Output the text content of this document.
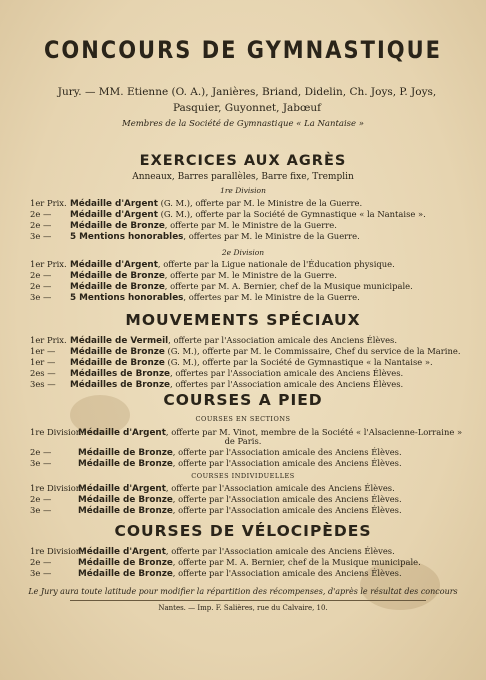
CONCOURS DE GYMNASTIQUE
Jury. — MM. Etienne (O. A.), Janières, Briand, Didelin, Ch. Joys, P. Joys,
Pasquier, Guyonnet, Jabœuf
Membres de la Société de Gymnastique « La Nantaise »
EXERCICES AUX AGRÈS
Anneaux, Barres parallèles, Barre fixe, Tremplin
1re Division
1er Prix. Médaille d'Argent (G. M.), offerte par M. le Ministre de la Guerre.
2e — Médaille d'Argent (G. M.), offerte par la Société de Gymnastique « la Nantaise ».
2e — Médaille de Bronze, offerte par M. le Ministre de la Guerre.
3e — 5 Mentions honorables, offertes par M. le Ministre de la Guerre.
2e Division
1er Prix. Médaille d'Argent, offerte par la Ligue nationale de l'Éducation physique.
2e — Médaille de Bronze, offerte par M. le Ministre de la Guerre.
2e — Médaille de Bronze, offerte par M. A. Bernier, chef de la Musique municipale.
3e — 5 Mentions honorables, offertes par M. le Ministre de la Guerre.
MOUVEMENTS SPÉCIAUX
1er Prix. Médaille de Vermeil, offerte par l'Association amicale des Anciens Élèves.
1er — Médaille de Bronze (G. M.), offerte par M. le Commissaire, Chef du service de la Marine.
1er — Médaille de Bronze (G. M.), offerte par la Société de Gymnastique « la Nantaise ».
2es — Médailles de Bronze, offertes par l'Association amicale des Anciens Élèves.
3es — Médailles de Bronze, offertes par l'Association amicale des Anciens Élèves.
COURSES A PIED
COURSES EN SECTIONS
1re Division.Médaille d'Argent, offerte par M. Vinot, membre de la Société « l'Alsacienne-Lorraine »
de Paris.
2e —	Médaille de Bronze, offerte par l'Association amicale des Anciens Élèves.
3e —	Médaille de Bronze, offerte par l'Association amicale des Anciens Élèves.
COURSES INDIVIDUELLES
1re Division.Médaille d'Argent, offerte par l'Association amicale des Anciens Élèves.
2e —	Médaille de Bronze, offerte par l'Association amicale des Anciens Élèves.
3e —	Médaille de Bronze, offerte par l'Association amicale des Anciens Élèves.
COURSES DE VÉLOCIPÈDES
1re Division.Médaille d'Argent, offerte par l'Association amicale des Anciens Élèves.
2e —	Médaille de Bronze, offerte par M. A. Bernier, chef de la Musique municipale.
3e —	Médaille de Bronze, offerte par l'Association amicale des Anciens Élèves.
Le Jury aura toute latitude pour modifier la répartition des récompenses, d'après le résultat des concours
Nantes. — Imp. F. Salières, rue du Calvaire, 10.
